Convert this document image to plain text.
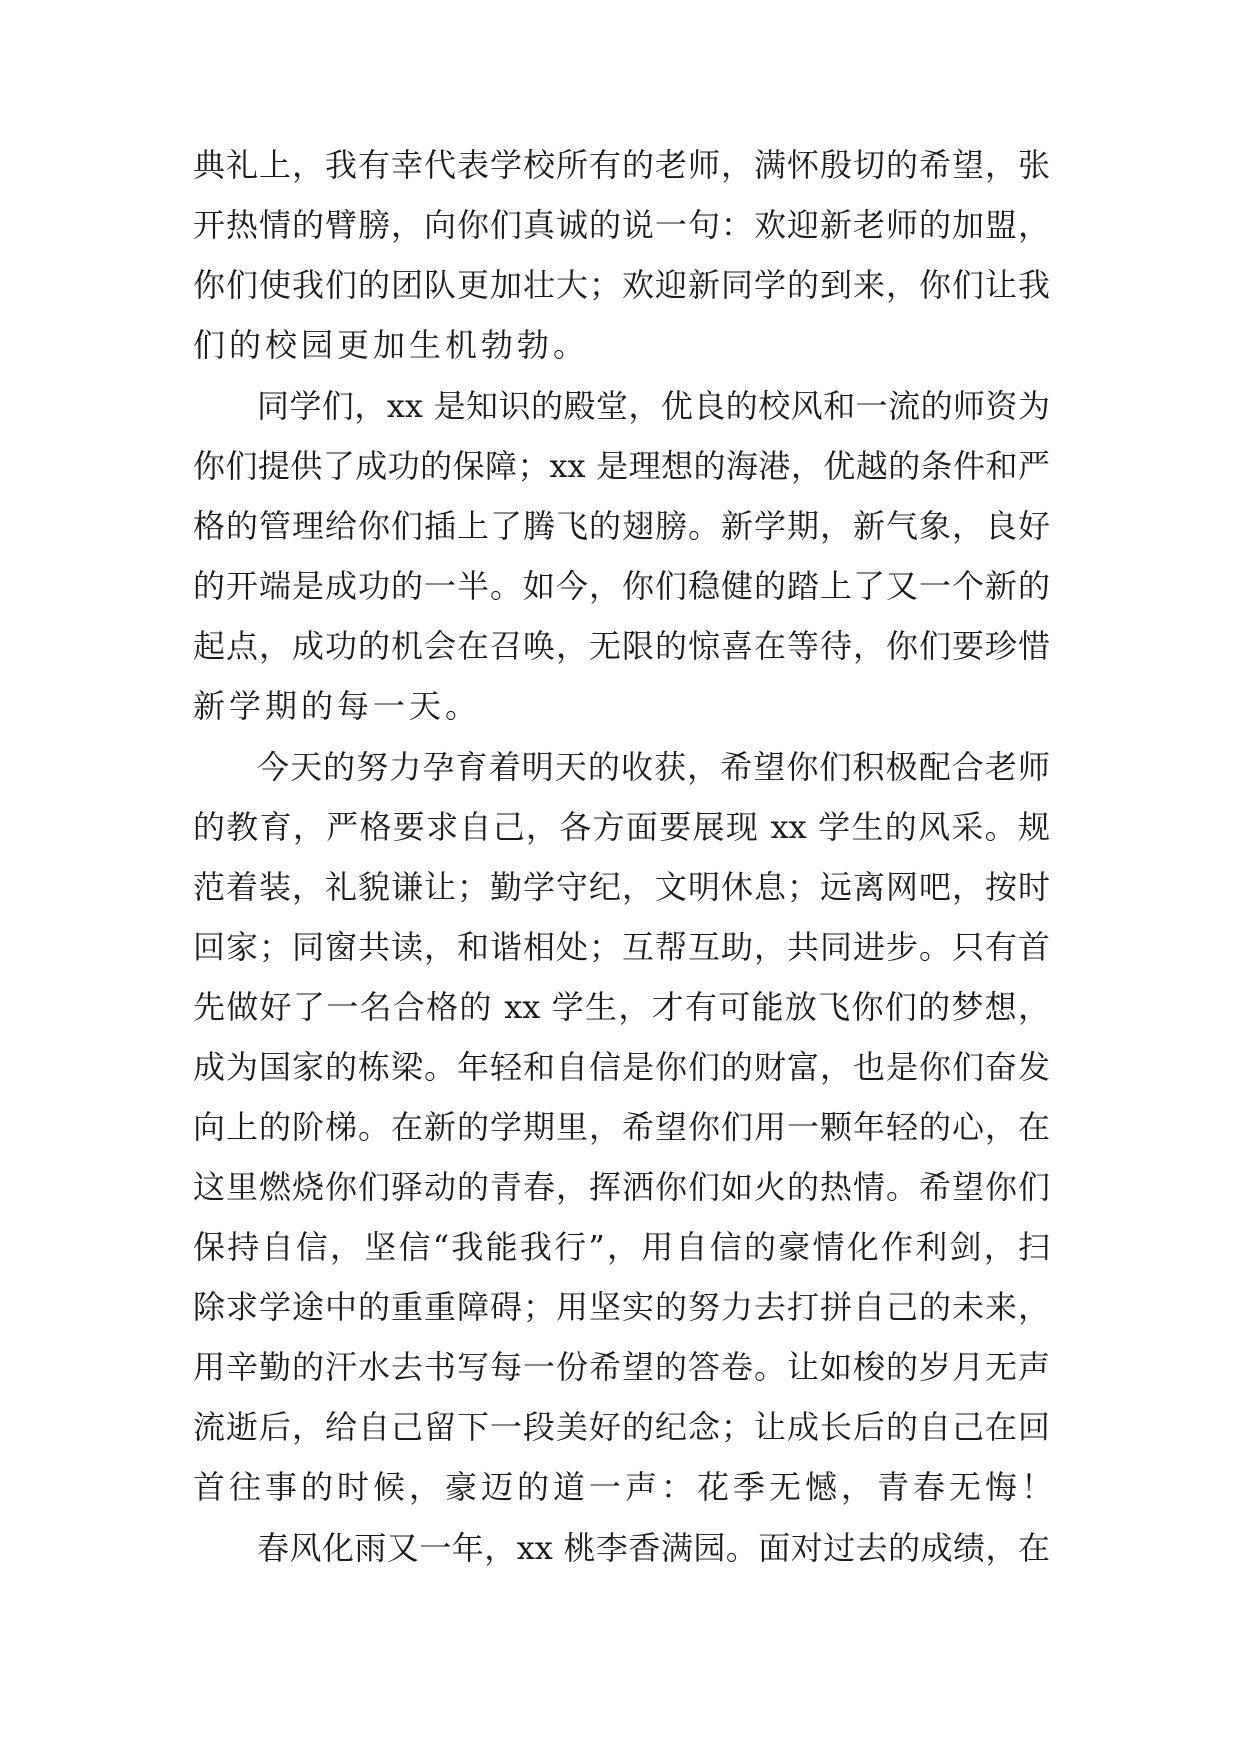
典礼上，我有幸代表学校所有的老师，满怀殷切的希望，张
开热情的臂膀，向你们真诚的说一句：欢迎新老师的加盟，
你们使我们的团队更加壮大；欢迎新同学的到来，你们让我
们的校园更加生机勃勃。
同学们，xx 是知识的殿堂，优良的校风和一流的师资为
你们提供了成功的保障；xx 是理想的海港，优越的条件和严
格的管理给你们插上了腾飞的翅膀。新学期，新气象，良好
的开端是成功的一半。如今，你们稳健的踏上了又一个新的
起点，成功的机会在召唤，无限的惊喜在等待，你们要珍惜
新学期的每一天。
今天的努力孕育着明天的收获，希望你们积极配合老师
的教育，严格要求自己，各方面要展现 xx 学生的风采。规
范着装，礼貌谦让；勤学守纪，文明休息；远离网吧，按时
回家；同窗共读，和谐相处；互帮互助，共同进步。只有首
先做好了一名合格的 xx 学生，才有可能放飞你们的梦想，
成为国家的栋梁。年轻和自信是你们的财富，也是你们奋发
向上的阶梯。在新的学期里，希望你们用一颗年轻的心，在
这里燃烧你们驿动的青春，挥洒你们如火的热情。希望你们
保持自信，坚信“我能我行”，用自信的豪情化作利剑，扫
除求学途中的重重障碍；用坚实的努力去打拼自己的未来，
用辛勤的汗水去书写每一份希望的答卷。让如梭的岁月无声
流逝后，给自己留下一段美好的纪念；让成长后的自己在回
首往事的时候，豪迈的道一声：花季无憾，青春无悔！
春风化雨又一年，xx 桃李香满园。面对过去的成绩，在
